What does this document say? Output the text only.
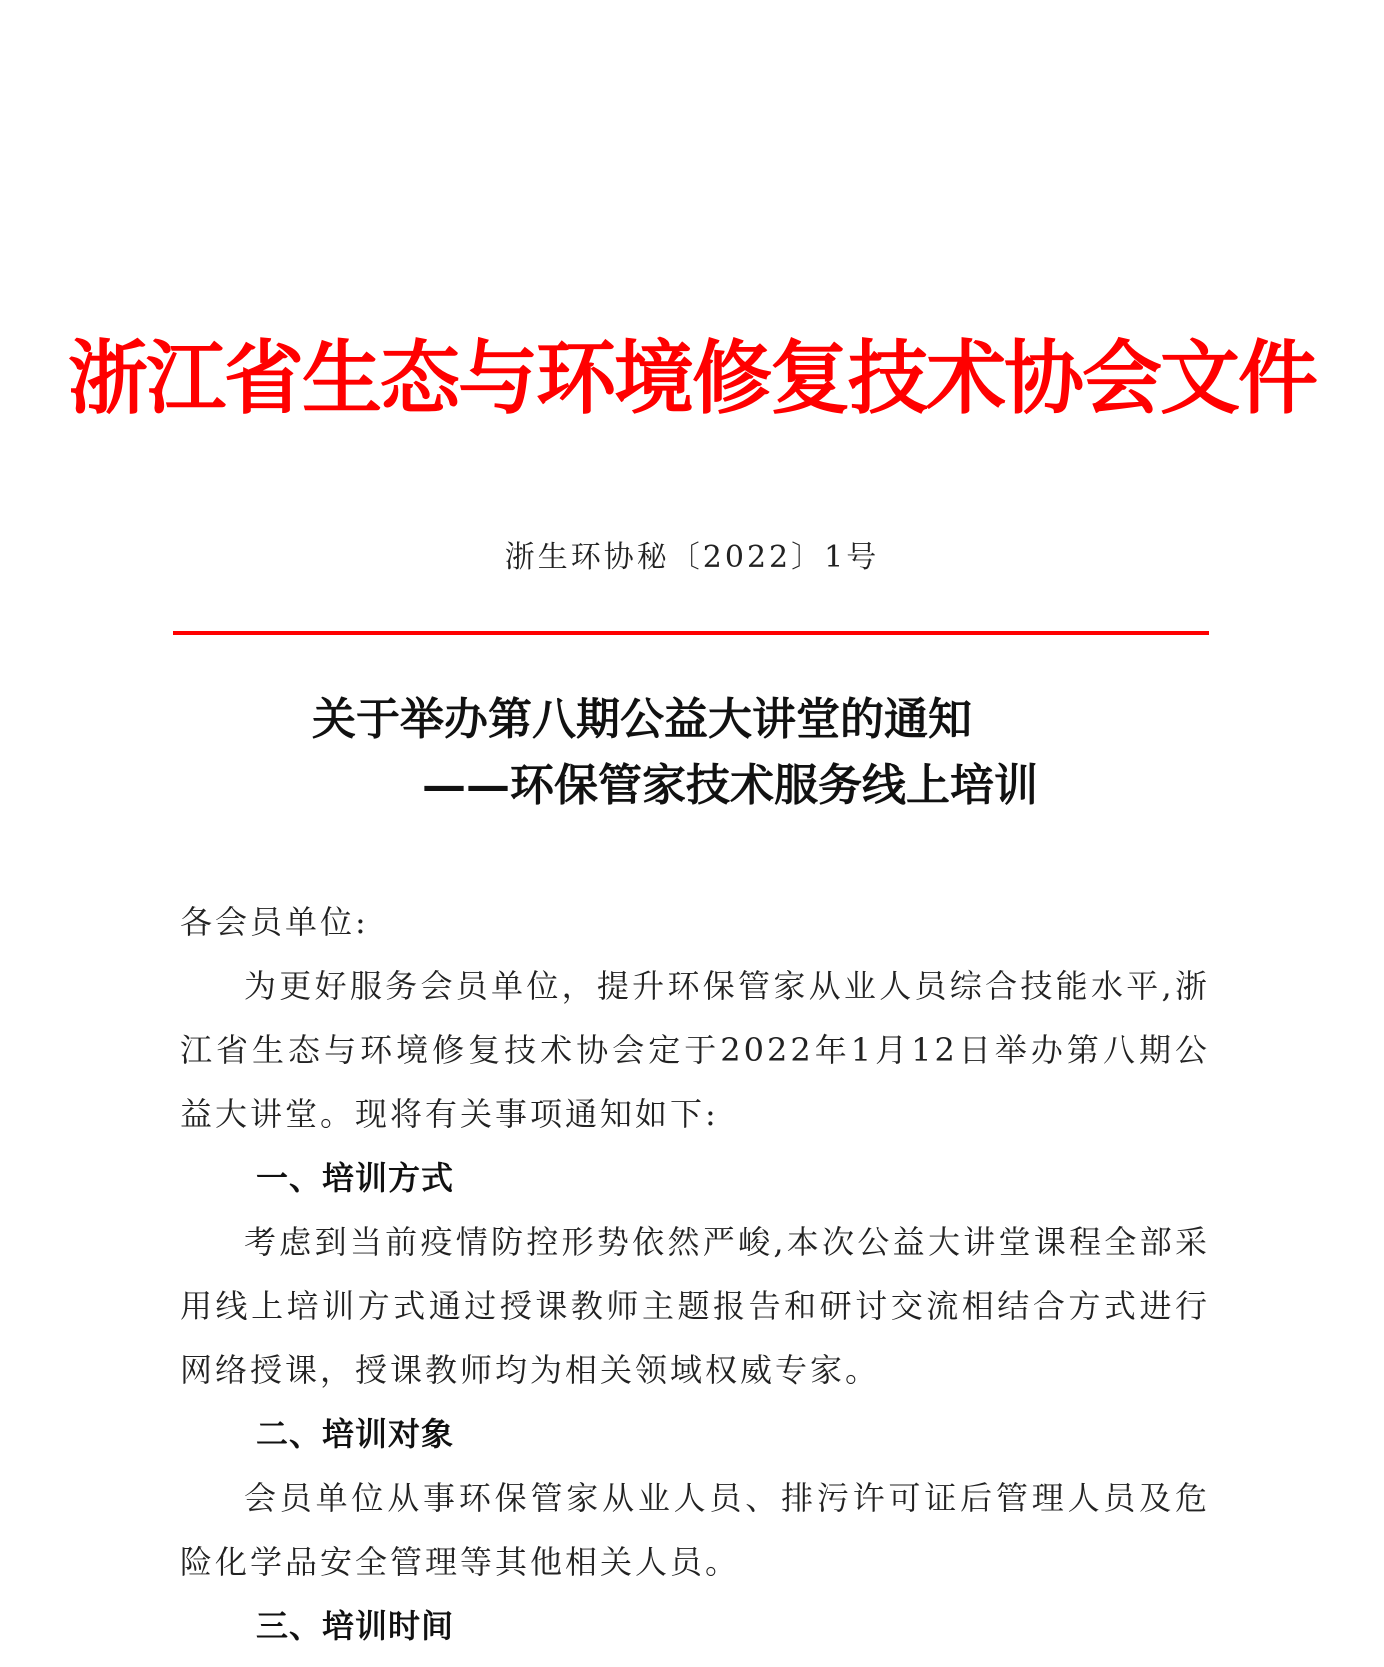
浙江省生态与环境修复技术协会文件
浙生环协秘〔2022〕1号
关于举办第八期公益大讲堂的通知
——环保管家技术服务线上培训

各会员单位:

为更好服务会员单位，提升环保管家从业人员综合技能水平,浙江省生态与环境修复技术协会定于2022年1月12日举办第八期公益大讲堂。现将有关事项通知如下:

一、培训方式

考虑到当前疫情防控形势依然严峻,本次公益大讲堂课程全部采用线上培训方式通过授课教师主题报告和研讨交流相结合方式进行网络授课，授课教师均为相关领域权威专家。

二、培训对象

会员单位从事环保管家从业人员、排污许可证后管理人员及危险化学品安全管理等其他相关人员。

三、培训时间
